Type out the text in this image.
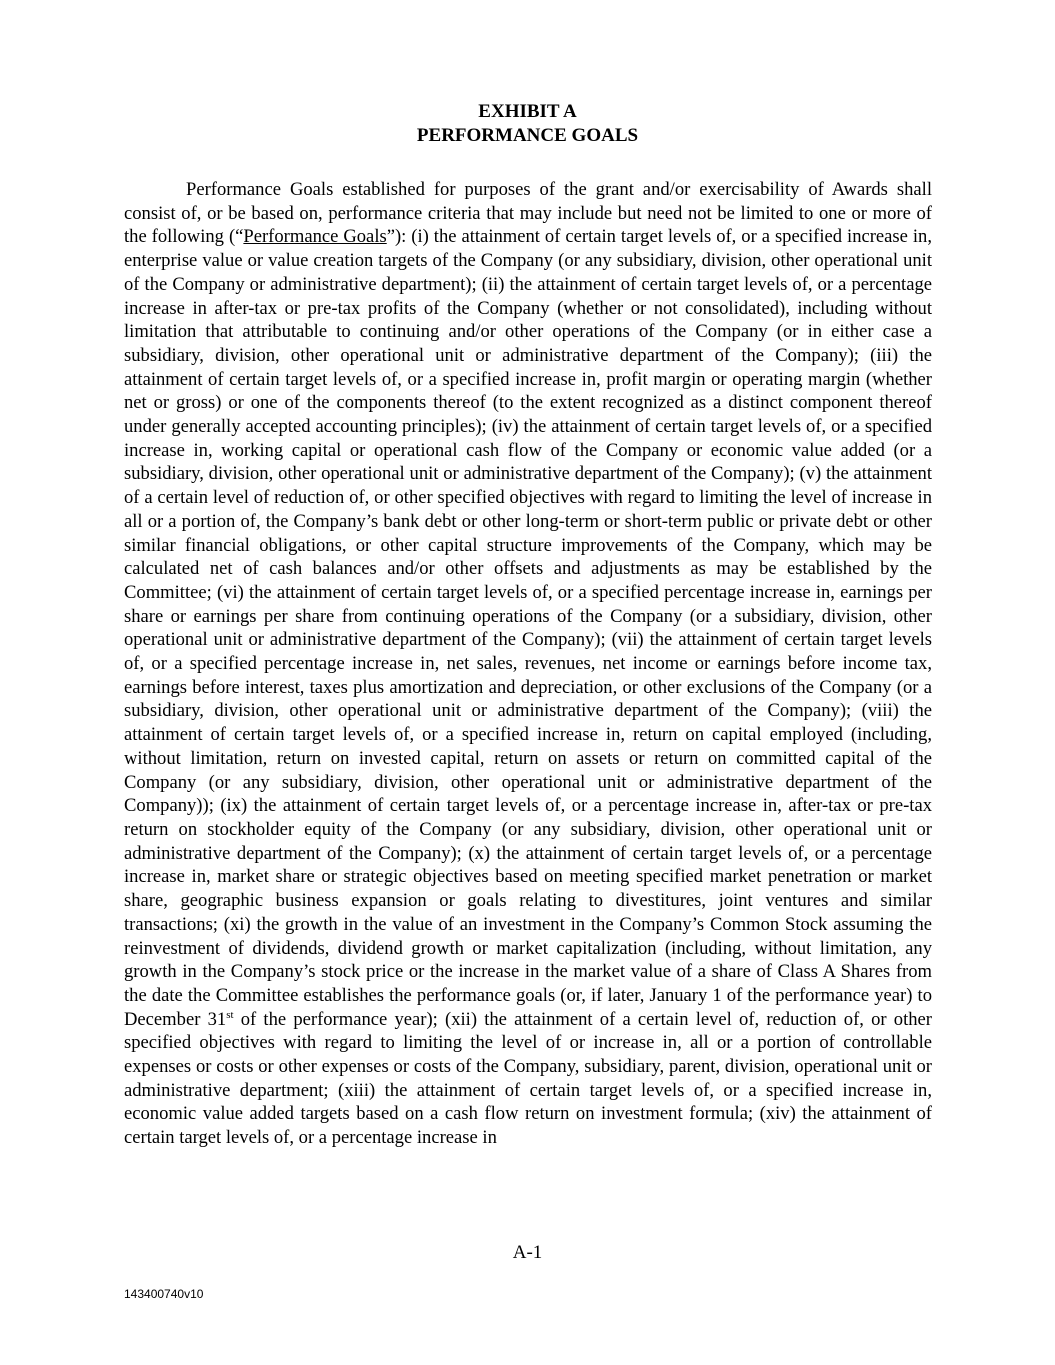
EXHIBIT A
PERFORMANCE GOALS

Performance Goals established for purposes of the grant and/or exercisability of Awards shall consist of, or be based on, performance criteria that may include but need not be limited to one or more of the following (“Performance Goals”): (i) the attainment of certain target levels of, or a specified increase in, enterprise value or value creation targets of the Company (or any subsidiary, division, other operational unit of the Company or administrative department); (ii) the attainment of certain target levels of, or a percentage increase in after-tax or pre-tax profits of the Company (whether or not consolidated), including without limitation that attributable to continuing and/or other operations of the Company (or in either case a subsidiary, division, other operational unit or administrative department of the Company); (iii) the attainment of certain target levels of, or a specified increase in, profit margin or operating margin (whether net or gross) or one of the components thereof (to the extent recognized as a distinct component thereof under generally accepted accounting principles); (iv) the attainment of certain target levels of, or a specified increase in, working capital or operational cash flow of the Company or economic value added (or a subsidiary, division, other operational unit or administrative department of the Company); (v) the attainment of a certain level of reduction of, or other specified objectives with regard to limiting the level of increase in all or a portion of, the Company’s bank debt or other long-term or short-term public or private debt or other similar financial obligations, or other capital structure improvements of the Company, which may be calculated net of cash balances and/or other offsets and adjustments as may be established by the Committee; (vi) the attainment of certain target levels of, or a specified percentage increase in, earnings per share or earnings per share from continuing operations of the Company (or a subsidiary, division, other operational unit or administrative department of the Company); (vii) the attainment of certain target levels of, or a specified percentage increase in, net sales, revenues, net income or earnings before income tax, earnings before interest, taxes plus amortization and depreciation, or other exclusions of the Company (or a subsidiary, division, other operational unit or administrative department of the Company); (viii) the attainment of certain target levels of, or a specified increase in, return on capital employed (including, without limitation, return on invested capital, return on assets or return on committed capital of the Company (or any subsidiary, division, other operational unit or administrative department of the Company)); (ix) the attainment of certain target levels of, or a percentage increase in, after-tax or pre-tax return on stockholder equity of the Company (or any subsidiary, division, other operational unit or administrative department of the Company); (x) the attainment of certain target levels of, or a percentage increase in, market share or strategic objectives based on meeting specified market penetration or market share, geographic business expansion or goals relating to divestitures, joint ventures and similar transactions; (xi) the growth in the value of an investment in the Company’s Common Stock assuming the reinvestment of dividends, dividend growth or market capitalization (including, without limitation, any growth in the Company’s stock price or the increase in the market value of a share of Class A Shares from the date the Committee establishes the performance goals (or, if later, January 1 of the performance year) to December 31st of the performance year); (xii) the attainment of a certain level of, reduction of, or other specified objectives with regard to limiting the level of or increase in, all or a portion of controllable expenses or costs or other expenses or costs of the Company, subsidiary, parent, division, operational unit or administrative department; (xiii) the attainment of certain target levels of, or a specified increase in, economic value added targets based on a cash flow return on investment formula; (xiv) the attainment of certain target levels of, or a percentage increase in

A-1
143400740v10
